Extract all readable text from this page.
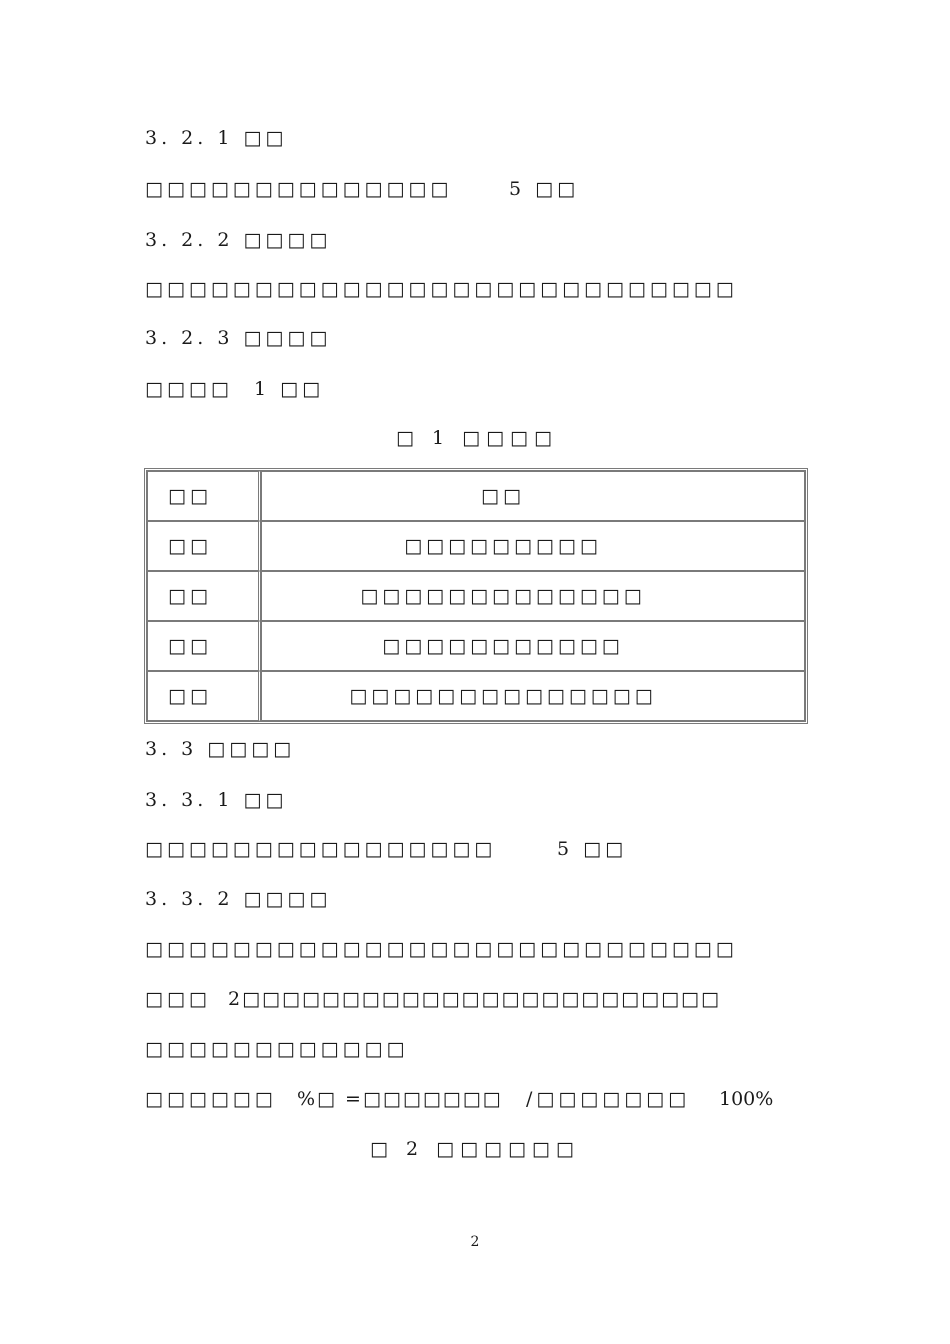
3. 2. 1 □□
□□□□□□□□□□□□□□	5 □□
3. 2. 2 □□□□
□□□□□□□□□□□□□□□□□□□□□□□□□□□
3. 2. 3 □□□□
□□□□ 1 □□
□ 1 □□□□
□□	□□
□□	□□□□□□□□□
□□	□□□□□□□□□□□□□
□□	□□□□□□□□□□□
□□	□□□□□□□□□□□□□□
3. 3 □□□□
3. 3. 1 □□
□□□□□□□□□□□□□□□□	5 □□
3. 3. 2 □□□□
□□□□□□□□□□□□□□□□□□□□□□□□□□□
□□□ 2□□□□□□□□□□□□□□□□□□□□□□□□
□□□□□□□□□□□□
□□□□□□ %□ =□□□□□□□ /□□□□□□□ 100%
□ 2 □□□□□□
2
